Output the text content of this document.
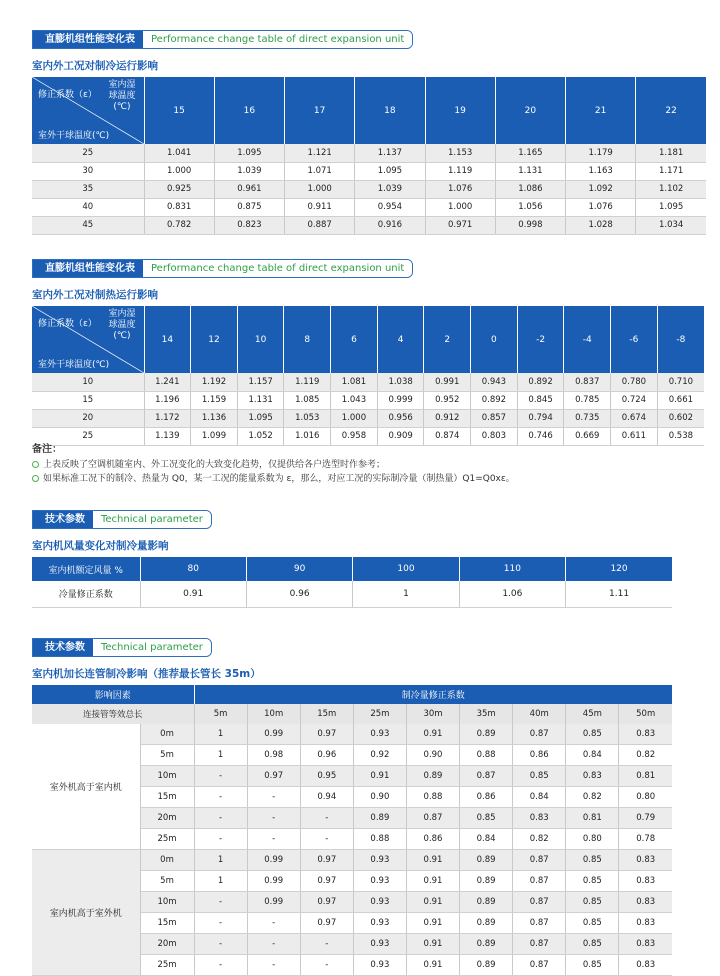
直膨机组性能变化表	Performance change table of direct expansion unit
室内外工况对制冷运行影响
修正系数（ε）
室内湿
球温度
(℃)
室外干球温度(℃)	15	16	17	18	19	20	21	22
25	1.041	1.095	1.121	1.137	1.153	1.165	1.179	1.181
30	1.000	1.039	1.071	1.095	1.119	1.131	1.163	1.171
35	0.925	0.961	1.000	1.039	1.076	1.086	1.092	1.102
40	0.831	0.875	0.911	0.954	1.000	1.056	1.076	1.095
45	0.782	0.823	0.887	0.916	0.971	0.998	1.028	1.034
直膨机组性能变化表	Performance change table of direct expansion unit
室内外工况对制热运行影响
修正系数（ε）
室内湿
球温度
(℃)
室外干球温度(℃)	14	12	10	8	6	4	2	0	-2	-4	-6	-8
10	1.241	1.192	1.157	1.119	1.081	1.038	0.991	0.943	0.892	0.837	0.780	0.710
15	1.196	1.159	1.131	1.085	1.043	0.999	0.952	0.892	0.845	0.785	0.724	0.661
20	1.172	1.136	1.095	1.053	1.000	0.956	0.912	0.857	0.794	0.735	0.674	0.602
25	1.139	1.099	1.052	1.016	0.958	0.909	0.874	0.803	0.746	0.669	0.611	0.538
备注：
上表反映了空调机随室内、外工况变化的大致变化趋势，仅提供给各户选型时作参考；
如果标准工况下的制冷、热量为 Q0，某一工况的能量系数为 ε，那么，对应工况的实际制冷量（制热量）Q1=Q0xε。
技术参数	Technical parameter
室内机风量变化对制冷量影响
室内机额定风量 %	80	90	100	110	120
冷量修正系数	0.91	0.96	1	1.06	1.11
技术参数	Technical parameter
室内机加长连管制冷影响（推荐最长管长 35m）
影响因素		制冷量修正系数								
连接管等效总长		5m	10m	15m	25m	30m	35m	40m	45m	50m
室外机高于室内机	0m	1	0.99	0.97	0.93	0.91	0.89	0.87	0.85	0.83
	5m	1	0.98	0.96	0.92	0.90	0.88	0.86	0.84	0.82
	10m	-	0.97	0.95	0.91	0.89	0.87	0.85	0.83	0.81
	15m	-	-	0.94	0.90	0.88	0.86	0.84	0.82	0.80
	20m	-	-	-	0.89	0.87	0.85	0.83	0.81	0.79
	25m	-	-	-	0.88	0.86	0.84	0.82	0.80	0.78
室内机高于室外机	0m	1	0.99	0.97	0.93	0.91	0.89	0.87	0.85	0.83
	5m	1	0.99	0.97	0.93	0.91	0.89	0.87	0.85	0.83
	10m	-	0.99	0.97	0.93	0.91	0.89	0.87	0.85	0.83
	15m	-	-	0.97	0.93	0.91	0.89	0.87	0.85	0.83
	20m	-	-	-	0.93	0.91	0.89	0.87	0.85	0.83
	25m	-	-	-	0.93	0.91	0.89	0.87	0.85	0.83
